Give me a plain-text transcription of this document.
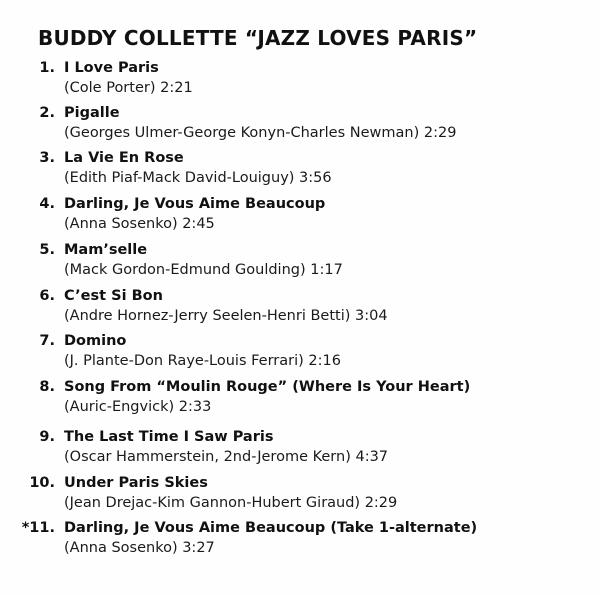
BUDDY COLLETTE “JAZZ LOVES PARIS”
1. I Love Paris
(Cole Porter) 2:21
2. Pigalle
(Georges Ulmer-George Konyn-Charles Newman) 2:29
3. La Vie En Rose
(Edith Piaf-Mack David-Louiguy) 3:56
4. Darling, Je Vous Aime Beaucoup
(Anna Sosenko) 2:45
5. Mam’selle
(Mack Gordon-Edmund Goulding) 1:17
6. C’est Si Bon
(Andre Hornez-Jerry Seelen-Henri Betti) 3:04
7. Domino
(J. Plante-Don Raye-Louis Ferrari) 2:16
8. Song From “Moulin Rouge” (Where Is Your Heart)
(Auric-Engvick) 2:33
9. The Last Time I Saw Paris
(Oscar Hammerstein, 2nd-Jerome Kern) 4:37
10. Under Paris Skies
(Jean Drejac-Kim Gannon-Hubert Giraud) 2:29
*11. Darling, Je Vous Aime Beaucoup (Take 1-alternate)
(Anna Sosenko) 3:27
